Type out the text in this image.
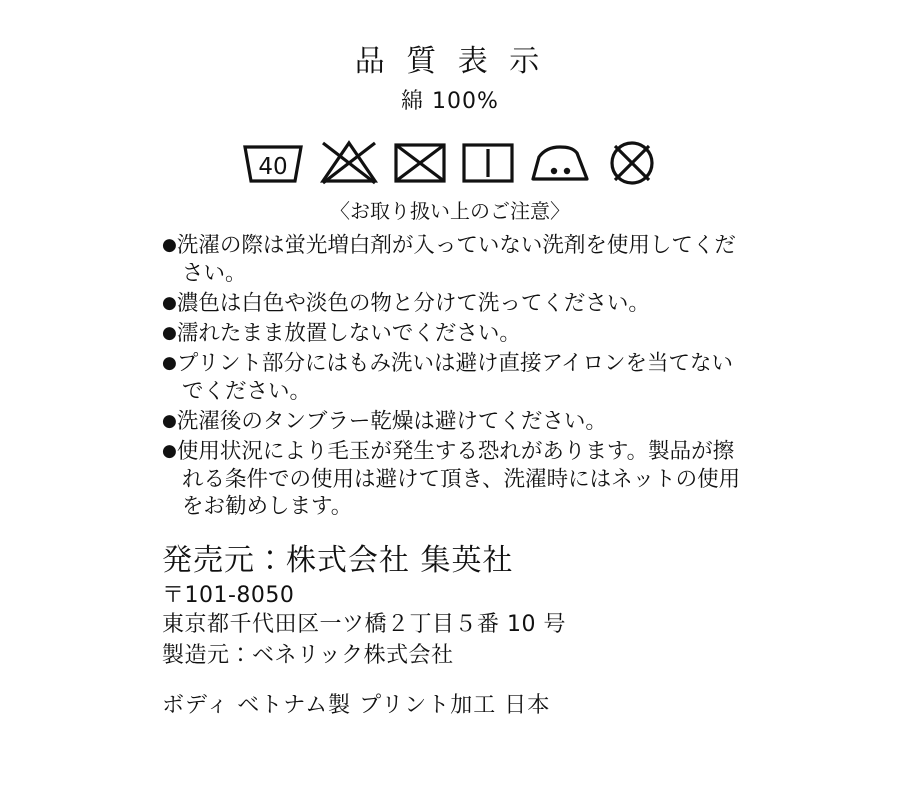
品 質 表 示
綿 100%
40
〈お取り扱い上のご注意〉
●洗濯の際は蛍光増白剤が入っていない洗剤を使用してください。
●濃色は白色や淡色の物と分けて洗ってください。
●濡れたまま放置しないでください。
●プリント部分にはもみ洗いは避け直接アイロンを当てないでください。
●洗濯後のタンブラー乾燥は避けてください。
●使用状況により毛玉が発生する恐れがあります。製品が擦れる条件での使用は避けて頂き、洗濯時にはネットの使用をお勧めします。
発売元：株式会社 集英社
〒101-8050
東京都千代田区一ツ橋２丁目５番 10 号
製造元：ベネリック株式会社
ボディ ベトナム製 プリント加工 日本
